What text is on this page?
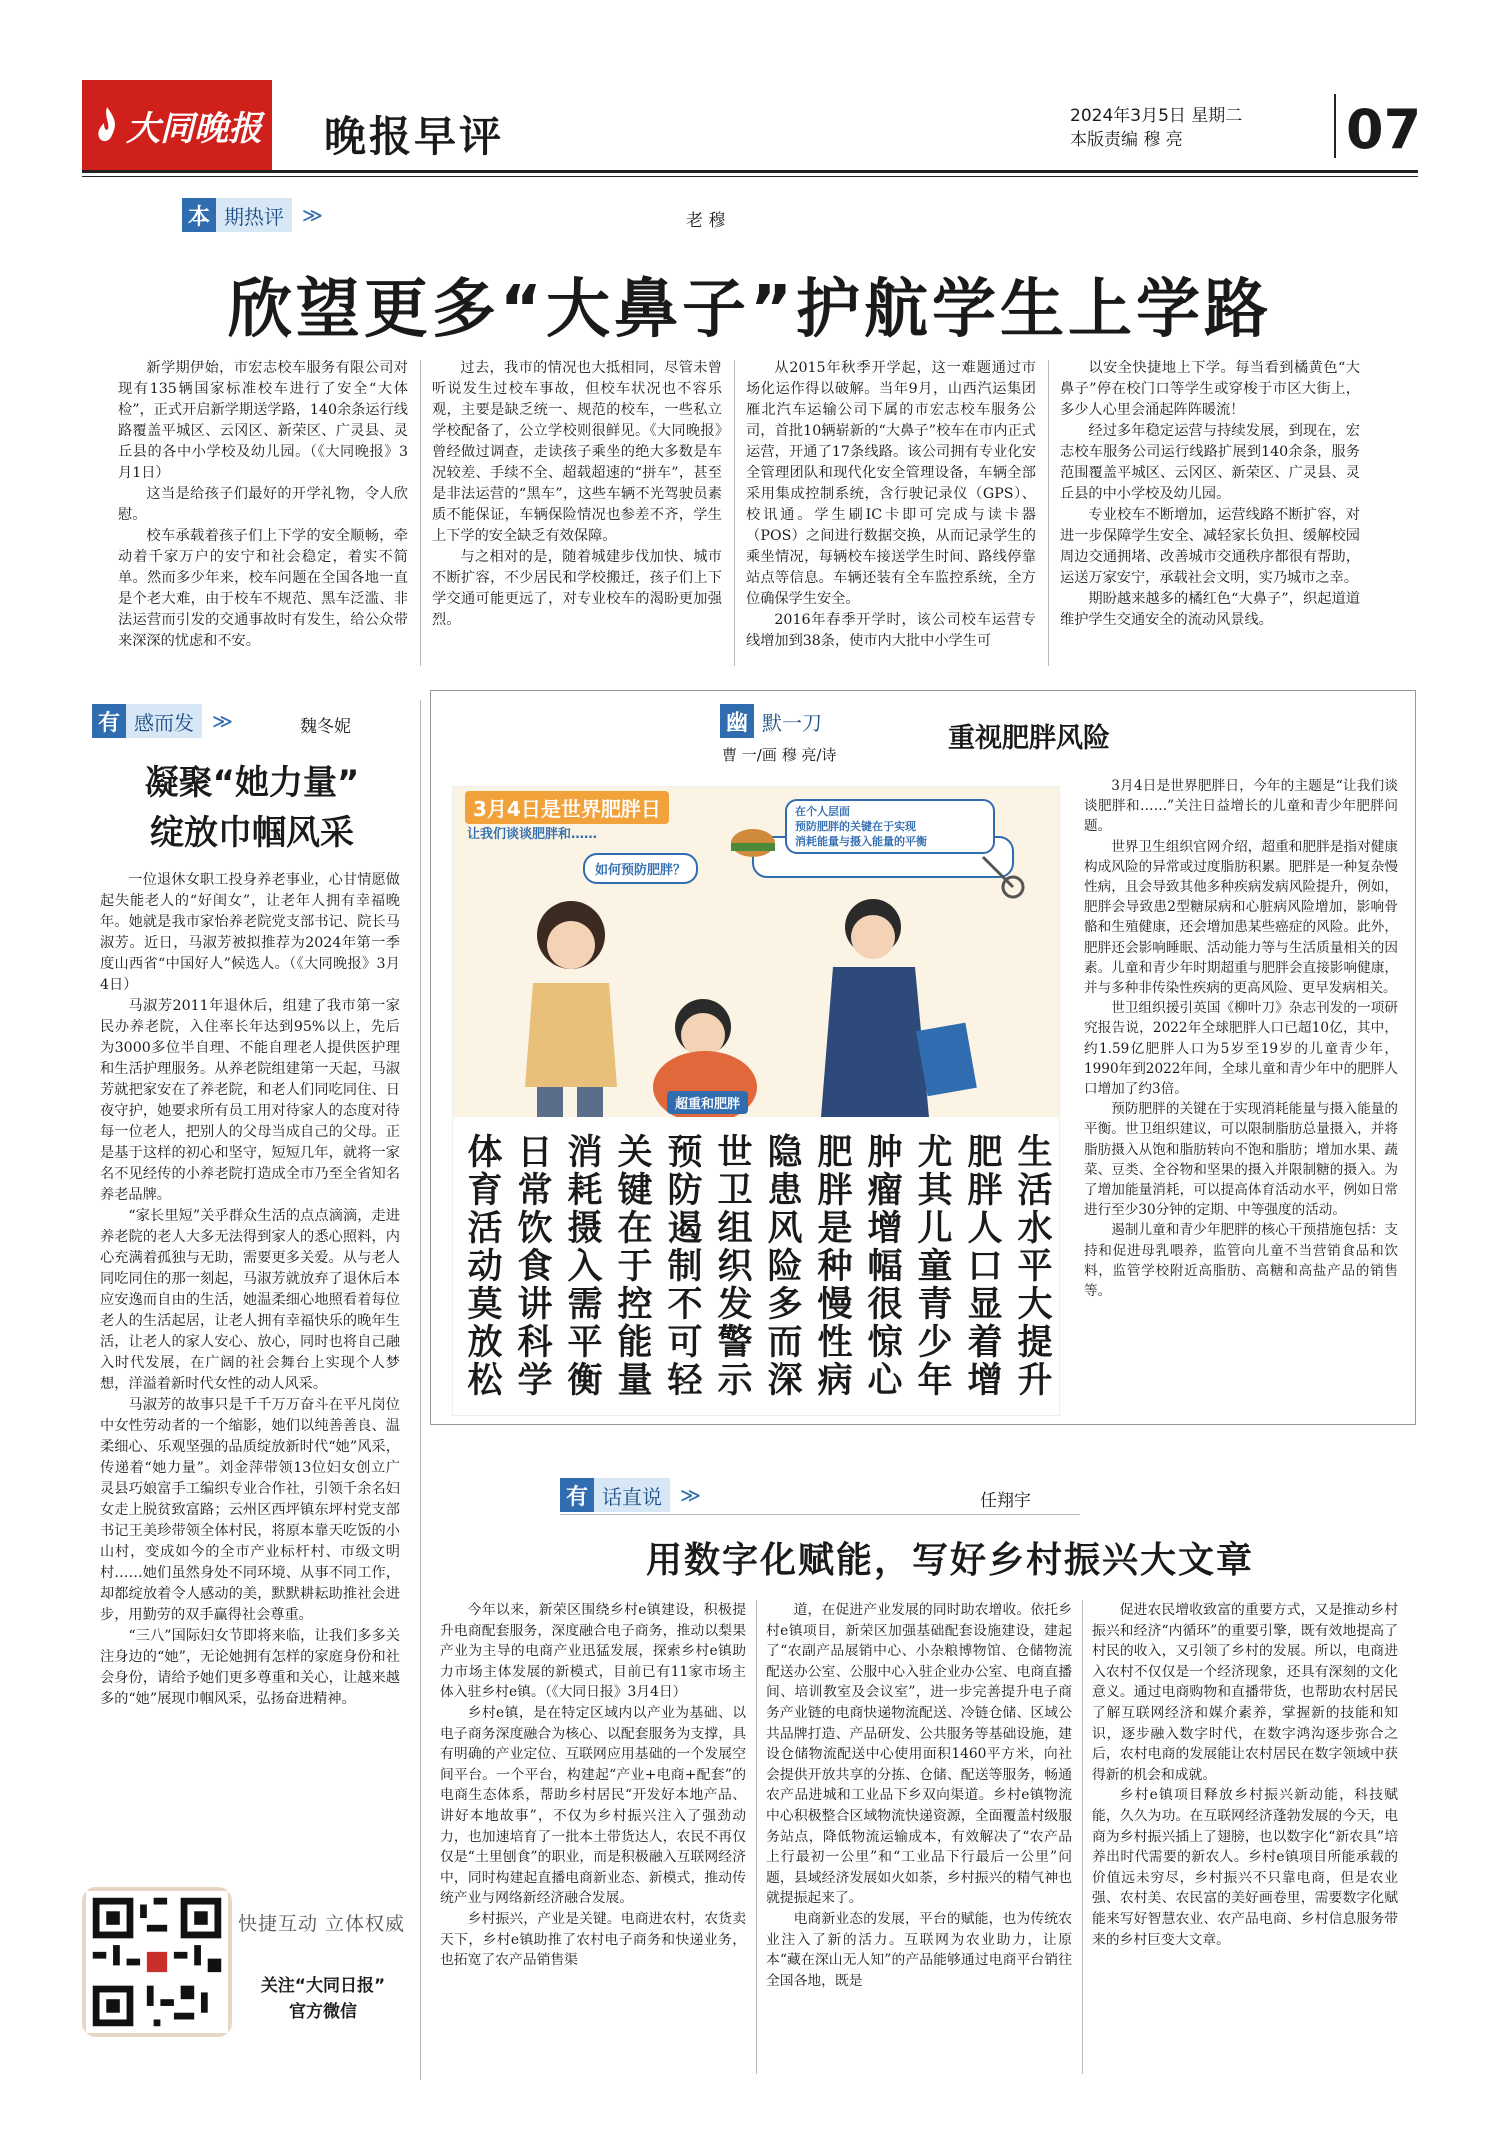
大同晚报 晚报早评	2024年3月5日 星期二
本版责编 穆 亮	07
本 期热评 ≫	老 穆
欣望更多“大鼻子”护航学生上学路

新学期伊始，市宏志校车服务有限公司对现有135辆国家标准校车进行了安全“大体检”，正式开启新学期送学路，140余条运行线路覆盖平城区、云冈区、新荣区、广灵县、灵丘县的各中小学校及幼儿园。（《大同晚报》3月1日）

这当是给孩子们最好的开学礼物，令人欣慰。

校车承载着孩子们上下学的安全顺畅，牵动着千家万户的安宁和社会稳定，着实不简单。然而多少年来，校车问题在全国各地一直是个老大难，由于校车不规范、黑车泛滥、非法运营而引发的交通事故时有发生，给公众带来深深的忧虑和不安。

过去，我市的情况也大抵相同，尽管未曾听说发生过校车事故，但校车状况也不容乐观，主要是缺乏统一、规范的校车，一些私立学校配备了，公立学校则很鲜见。《大同晚报》曾经做过调查，走读孩子乘坐的绝大多数是车况较差、手续不全、超载超速的“拼车”，甚至是非法运营的“黑车”，这些车辆不光驾驶员素质不能保证，车辆保险情况也参差不齐，学生上下学的安全缺乏有效保障。

与之相对的是，随着城建步伐加快、城市不断扩容，不少居民和学校搬迁，孩子们上下学交通可能更远了，对专业校车的渴盼更加强烈。

从2015年秋季开学起，这一难题通过市场化运作得以破解。当年9月，山西汽运集团雁北汽车运输公司下属的市宏志校车服务公司，首批10辆崭新的“大鼻子”校车在市内正式运营，开通了17条线路。该公司拥有专业化安全管理团队和现代化安全管理设备，车辆全部采用集成控制系统，含行驶记录仪（GPS）、校讯通。学生刷IC卡即可完成与读卡器（POS）之间进行数据交换，从而记录学生的乘坐情况，每辆校车接送学生时间、路线停靠站点等信息。车辆还装有全车监控系统，全方位确保学生安全。

2016年春季开学时，该公司校车运营专线增加到38条，使市内大批中小学生可

以安全快捷地上下学。每当看到橘黄色“大鼻子”停在校门口等学生或穿梭于市区大街上，多少人心里会涌起阵阵暖流！

经过多年稳定运营与持续发展，到现在，宏志校车服务公司运行线路扩展到140余条，服务范围覆盖平城区、云冈区、新荣区、广灵县、灵丘县的中小学校及幼儿园。

专业校车不断增加，运营线路不断扩容，对进一步保障学生安全、减轻家长负担、缓解校园周边交通拥堵、改善城市交通秩序都很有帮助，运送万家安宁，承载社会文明，实乃城市之幸。

期盼越来越多的橘红色“大鼻子”，织起道道维护学生交通安全的流动风景线。

有 感而发 ≫	魏冬妮
凝聚“她力量”
绽放巾帼风采

一位退休女职工投身养老事业，心甘情愿做起失能老人的“好闺女”，让老年人拥有幸福晚年。她就是我市家怡养老院党支部书记、院长马淑芳。近日，马淑芳被拟推荐为2024年第一季度山西省“中国好人”候选人。（《大同晚报》3月4日）

马淑芳2011年退休后，组建了我市第一家民办养老院，入住率长年达到95%以上，先后为3000多位半自理、不能自理老人提供医护理和生活护理服务。从养老院组建第一天起，马淑芳就把家安在了养老院，和老人们同吃同住、日夜守护，她要求所有员工用对待家人的态度对待每一位老人，把别人的父母当成自己的父母。正是基于这样的初心和坚守，短短几年，就将一家名不见经传的小养老院打造成全市乃至全省知名养老品牌。

“家长里短”关乎群众生活的点点滴滴，走进养老院的老人大多无法得到家人的悉心照料，内心充满着孤独与无助，需要更多关爱。从与老人同吃同住的那一刻起，马淑芳就放弃了退休后本应安逸而自由的生活，她温柔细心地照看着每位老人的生活起居，让老人拥有幸福快乐的晚年生活，让老人的家人安心、放心，同时也将自己融入时代发展，在广阔的社会舞台上实现个人梦想，洋溢着新时代女性的动人风采。

马淑芳的故事只是千千万万奋斗在平凡岗位中女性劳动者的一个缩影，她们以纯善善良、温柔细心、乐观坚强的品质绽放新时代“她”风采，传递着“她力量”。刘金萍带领13位妇女创立广灵县巧娘富手工编织专业合作社，引领千余名妇女走上脱贫致富路；云州区西坪镇东坪村党支部书记王美珍带领全体村民，将原本靠天吃饭的小山村，变成如今的全市产业标杆村、市级文明村……她们虽然身处不同环境、从事不同工作，却都绽放着令人感动的美，默默耕耘助推社会进步，用勤劳的双手赢得社会尊重。

“三八”国际妇女节即将来临，让我们多多关注身边的“她”，无论她拥有怎样的家庭身份和社会身份，请给予她们更多尊重和关心，让越来越多的“她”展现巾帼风采，弘扬奋进精神。

幽 默一刀
曹 一/画 穆 亮/诗
重视肥胖风险
3月4日是世界肥胖日
让我们谈谈肥胖和……
如何预防肥胖？
在个人层面
预防肥胖的关键在于实现
消耗能量与摄入能量的平衡
超重和肥胖
生活水平大提升
肥胖人口显着增
尤其儿童青少年
肿瘤增幅很惊心
肥胖是种慢性病
隐患风险多而深
世卫组织发警示
预防遏制不可轻
关键在于控能量
消耗摄入需平衡
日常饮食讲科学
体育活动莫放松

3月4日是世界肥胖日，今年的主题是“让我们谈谈肥胖和……”关注日益增长的儿童和青少年肥胖问题。

世界卫生组织官网介绍，超重和肥胖是指对健康构成风险的异常或过度脂肪积累。肥胖是一种复杂慢性病，且会导致其他多种疾病发病风险提升，例如，肥胖会导致患2型糖尿病和心脏病风险增加，影响骨骼和生殖健康，还会增加患某些癌症的风险。此外，肥胖还会影响睡眠、活动能力等与生活质量相关的因素。儿童和青少年时期超重与肥胖会直接影响健康，并与多种非传染性疾病的更高风险、更早发病相关。

世卫组织援引英国《柳叶刀》杂志刊发的一项研究报告说，2022年全球肥胖人口已超10亿，其中，约1.59亿肥胖人口为5岁至19岁的儿童青少年，1990年到2022年间，全球儿童和青少年中的肥胖人口增加了约3倍。

预防肥胖的关键在于实现消耗能量与摄入能量的平衡。世卫组织建议，可以限制脂肪总量摄入，并将脂肪摄入从饱和脂肪转向不饱和脂肪；增加水果、蔬菜、豆类、全谷物和坚果的摄入并限制糖的摄入。为了增加能量消耗，可以提高体育活动水平，例如日常进行至少30分钟的定期、中等强度的活动。

遏制儿童和青少年肥胖的核心干预措施包括：支持和促进母乳喂养，监管向儿童不当营销食品和饮料，监管学校附近高脂肪、高糖和高盐产品的销售等。

有 话直说 ≫	任翔宇
用数字化赋能，写好乡村振兴大文章

今年以来，新荣区围绕乡村e镇建设，积极提升电商配套服务，深度融合电子商务，推动以梨果产业为主导的电商产业迅猛发展，探索乡村e镇助力市场主体发展的新模式，目前已有11家市场主体入驻乡村e镇。（《大同日报》3月4日）

乡村e镇，是在特定区域内以产业为基础、以电子商务深度融合为核心、以配套服务为支撑，具有明确的产业定位、互联网应用基础的一个发展空间平台。一个平台，构建起“产业+电商+配套”的电商生态体系，帮助乡村居民“开发好本地产品、讲好本地故事”，不仅为乡村振兴注入了强劲动力，也加速培育了一批本土带货达人，农民不再仅仅是“土里刨食”的职业，而是积极融入互联网经济中，同时构建起直播电商新业态、新模式，推动传统产业与网络新经济融合发展。

乡村振兴，产业是关键。电商进农村，农货卖天下，乡村e镇助推了农村电子商务和快递业务，也拓宽了农产品销售渠

道，在促进产业发展的同时助农增收。依托乡村e镇项目，新荣区加强基础配套设施建设，建起了“农副产品展销中心、小杂粮博物馆、仓储物流配送办公室、公服中心入驻企业办公室、电商直播间、培训教室及会议室”，进一步完善提升电子商务产业链的电商快递物流配送、冷链仓储、区域公共品牌打造、产品研发、公共服务等基础设施，建设仓储物流配送中心使用面积1460平方米，向社会提供开放共享的分拣、仓储、配送等服务，畅通农产品进城和工业品下乡双向渠道。乡村e镇物流中心积极整合区域物流快递资源，全面覆盖村级服务站点，降低物流运输成本，有效解决了“农产品上行最初一公里”和“工业品下行最后一公里”问题，县域经济发展如火如荼，乡村振兴的精气神也就提振起来了。

电商新业态的发展，平台的赋能，也为传统农业注入了新的活力。互联网为农业助力，让原本“藏在深山无人知”的产品能够通过电商平台销往全国各地，既是

促进农民增收致富的重要方式，又是推动乡村振兴和经济“内循环”的重要引擎，既有效地提高了村民的收入，又引领了乡村的发展。所以，电商进入农村不仅仅是一个经济现象，还具有深刻的文化意义。通过电商购物和直播带货，也帮助农村居民了解互联网经济和媒介素养，掌握新的技能和知识，逐步融入数字时代，在数字鸿沟逐步弥合之后，农村电商的发展能让农村居民在数字领域中获得新的机会和成就。

乡村e镇项目释放乡村振兴新动能，科技赋能，久久为功。在互联网经济蓬勃发展的今天，电商为乡村振兴插上了翅膀，也以数字化“新农具”培养出时代需要的新农人。乡村e镇项目所能承载的价值远未穷尽，乡村振兴不只靠电商，但是农业强、农村美、农民富的美好画卷里，需要数字化赋能来写好智慧农业、农产品电商、乡村信息服务带来的乡村巨变大文章。

快捷互动 立体权威
关注“大同日报”
官方微信
